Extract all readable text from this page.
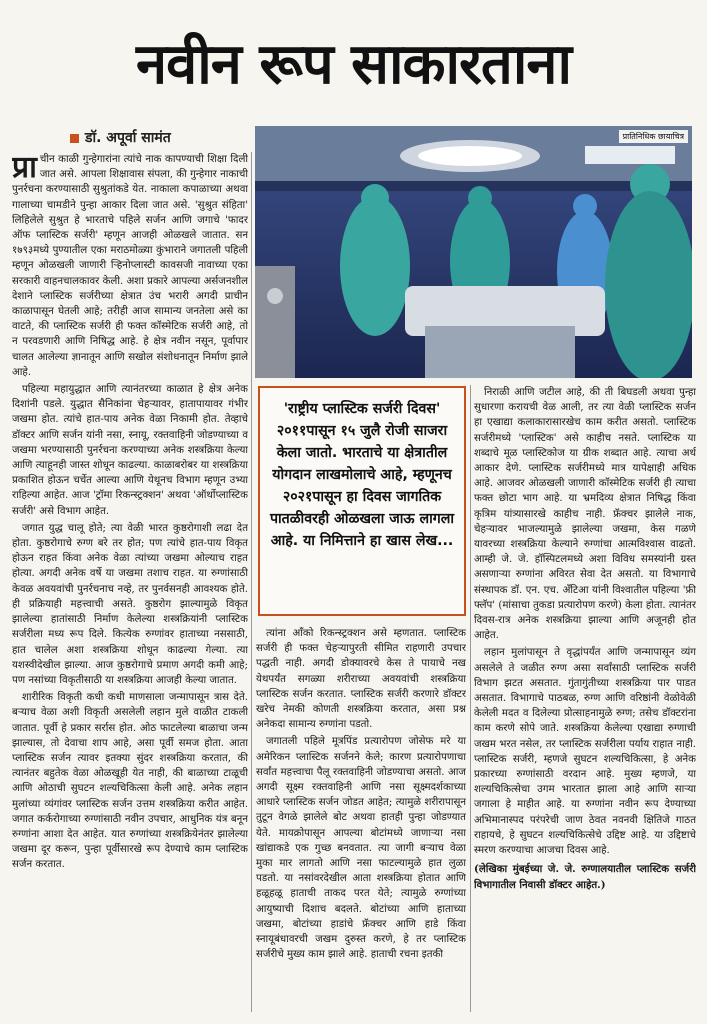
नवीन रूप साकारताना
डॉ. अपूर्वा सामंत	प्रातिनिधिक छायाचित्र

प्रा चीन काळी गुन्हेगारांना त्यांचे नाक कापण्याची शिक्षा दिली जात असे. आपला शिक्षावास संपला, की गुन्हेगार नाकाची पुनर्रचना करण्यासाठी सुश्रुतांकडे येत. नाकाला कपाळाच्या अथवा गालाच्या चामडीने पुन्हा आकार दिला जात असे. 'सुश्रुत संहिता' लिहिलेले सुश्रुत हे भारताचे पहिले सर्जन आणि जगाचे 'फादर ऑफ प्लास्टिक सर्जरी' म्हणून आजही ओळखले जातात. सन १७९३मध्ये पुण्यातील एका मराठमोळ्या कुंभाराने जगातली पहिली म्हणून ओळखली जाणारी ऱ्हिनोप्लास्टी कावसजी नावाच्या एका सरकारी वाहनचालकावर केली. अशा प्रकारे आपल्या अर्सजनशील देशाने प्लास्टिक सर्जरीच्या क्षेत्रात उंच भरारी अगदी प्राचीन काळापासून घेतली आहे; तरीही आज सामान्य जनतेला असे का वाटते, की प्लास्टिक सर्जरी ही फक्त कॉस्मेटिक सर्जरी आहे, तो न परवडणारी आणि निषिद्ध आहे. हे क्षेत्र नवीन नसून, पूर्वापार चालत आलेल्या ज्ञानातून आणि सखोल संशोधनातून निर्माण झाले आहे.

पहिल्या महायुद्धात आणि त्यानंतरच्या काळात हे क्षेत्र अनेक दिशांनी पडले. युद्धात सैनिकांना चेहऱ्यावर, हातापायावर गंभीर जखमा होत. त्यांचे हात-पाय अनेक वेळा निकामी होत. तेव्हाचे डॉक्टर आणि सर्जन यांनी नसा, स्नायू, रक्तवाहिनी जोडण्याच्या व जखमा भरण्यासाठी पुनर्रचना करण्याच्या अनेक शस्त्रक्रिया केल्या आणि त्याहूनही जास्त शोधून काढल्या. काळाबरोबर या शस्त्रक्रिया प्रकाशित होऊन चर्चेत आल्या आणि येथूनच विभाग म्हणून उभ्या राहिल्या आहेत. आज 'ट्रॉमा रिकन्स्ट्रक्शन' अथवा 'ऑर्थोप्लास्टिक सर्जरी' असे विभाग आहेत.

जगात युद्ध चालू होते; त्या वेळी भारत कुष्ठरोगाशी लढा देत होता. कुष्ठरोगाचे रुग्ण बरे तर होत; पण त्यांचे हात-पाय विकृत होऊन राहत किंवा अनेक वेळा त्यांच्या जखमा ओल्याच राहत होत्या. अगदी अनेक वर्षे या जखमा तशाच राहत. या रुग्णांसाठी केवळ अवयवांची पुनर्रचनाच नव्हे, तर पुनर्वसनही आवश्यक होते. ही प्रक्रियाही महत्त्वाची असते. कुष्ठरोग झाल्यामुळे विकृत झालेल्या हातांसाठी निर्माण केलेल्या शस्त्रक्रियांनी प्लास्टिक सर्जरीला मध्य रूप दिले. कित्येक रुग्णांवर हाताच्या नससाठी, हात चालेल अशा शस्त्रक्रिया शोधून काढल्या गेल्या. त्या यशस्वीदेखील झाल्या. आज कुष्ठरोगाचे प्रमाण अगदी कमी आहे; पण नसांच्या विकृतीसाठी या शस्त्रक्रिया आजही केल्या जातात.

शारीरिक विकृती कधी कधी माणसाला जन्मापासून त्रास देते. बऱ्याच वेळा अशी विकृती असलेली लहान मुले वाळीत टाकली जातात. पूर्वी हे प्रकार सर्रास होत. ओठ फाटलेल्या बाळाचा जन्म झाल्यास, तो देवाचा शाप आहे, असा पूर्वी समज होता. आता प्लास्टिक सर्जन त्यावर इतक्या सुंदर शस्त्रक्रिया करतात, की त्यानंतर बहुतेक वेळा ओळखूही येत नाही, की बाळाच्या टाळूची आणि ओठाची सुघटन शल्यचिकित्सा केली आहे. अनेक लहान मुलांच्या व्यंगांवर प्लास्टिक सर्जन उत्तम शस्त्रक्रिया करीत आहेत. जगात कर्करोगाच्या रुग्णांसाठी नवीन उपचार, आधुनिक यंत्र बनून रुग्णांना आशा देत आहेत. यात रुग्णांच्या शस्त्रक्रियेनंतर झालेल्या जखमा दूर करून, पुन्हा पूर्वीसारखे रूप देण्याचे काम प्लास्टिक सर्जन करतात.

'राष्ट्रीय प्लास्टिक सर्जरी दिवस' २०११पासून १५ जुलै रोजी साजरा केला जातो. भारताचे या क्षेत्रातील योगदान लाखमोलाचे आहे, म्हणूनच २०२१पासून हा दिवस जागतिक पातळीवरही ओळखला जाऊ लागला आहे. या निमित्ताने हा खास लेख...

त्यांना ऑंको रिकन्स्ट्रक्शन असे म्हणतात. प्लास्टिक सर्जरी ही फक्त चेहऱ्यापुरती सीमित राहणारी उपचार पद्धती नाही. अगदी डोक्यावरचे केस ते पायाचे नख येथपर्यंत सगळ्या शरीराच्या अवयवांची शस्त्रक्रिया प्लास्टिक सर्जन करतात. प्लास्टिक सर्जरी करणारे डॉक्टर खरेच नेमकी कोणती शस्त्रक्रिया करतात, असा प्रश्न अनेकदा सामान्य रुग्णांना पडतो.

जगातली पहिले मूत्रपिंड प्रत्यारोपण जोसेफ मरे या अमेरिकन प्लास्टिक सर्जनने केले; कारण प्रत्यारोपणाचा सर्वांत महत्त्वाचा पैलू रक्तवाहिनी जोडण्याचा असतो. आज अगदी सूक्ष्म रक्तवाहिनी आणि नसा सूक्ष्मदर्शकाच्या आधारे प्लास्टिक सर्जन जोडत आहेत; त्यामुळे शरीरापासून तुटून वेगळे झालेले बोट अथवा हातही पुन्हा जोडण्यात येते. मायक्रोपासून आपल्या बोटांमध्ये जाणाऱ्या नसा खांद्याकडे एक गुच्छ बनवतात. त्या जागी बऱ्याच वेळा मुका मार लागतो आणि नसा फाटल्यामुळे हात लुळा पडतो. या नसांवरदेखील आता शस्त्रक्रिया होतात आणि हळूहळू हाताची ताकद परत येते; त्यामुळे रुग्णांच्या आयुष्याची दिशाच बदलते. बोटांच्या आणि हाताच्या जखमा, बोटांच्या हाडांचे फ्रॅक्चर आणि हाडे किंवा स्नायूबंधावरची जखम दुरुस्त करणे, हे तर प्लास्टिक सर्जरीचे मुख्य काम झाले आहे. हाताची रचना इतकी

निराळी आणि जटील आहे, की ती बिघडली अथवा पुन्हा सुधारणा करायची वेळ आली, तर त्या वेळी प्लास्टिक सर्जन हा एखाद्या कलाकारासारखेच काम करीत असतो. प्लास्टिक सर्जरीमध्ये 'प्लास्टिक' असे काहीच नसते. प्लास्टिक या शब्दाचे मूळ प्लास्टिकोज या ग्रीक शब्दात आहे. त्याचा अर्थ आकार देणे. प्लास्टिक सर्जरीमध्ये मात्र यापेक्षाही अधिक आहे. आजवर ओळखली जाणारी कॉस्मेटिक सर्जरी ही त्याचा फक्त छोटा भाग आहे. या भ्रमदिव्य क्षेत्रात निषिद्ध किंवा कृत्रिम यांत्र्यासारखे काहीच नाही. फ्रॅक्चर झालेले नाक, चेहऱ्यावर भाजल्यामुळे झालेल्या जखमा, केस गळणे यावरच्या शस्त्रक्रिया केल्याने रुग्णांचा आत्मविश्वास वाढतो. आम्ही जे. जे. हॉस्पिटलमध्ये अशा विविध समस्यांनी ग्रस्त असणाऱ्या रुग्णांना अविरत सेवा देत असतो. या विभागाचे संस्थापक डॉ. एन. एच. अँटिआ यांनी विश्वातील पहिल्या 'फ्री फ्लॅप' (मांसाचा तुकडा प्रत्यारोपण करणे) केला होता. त्यानंतर दिवस-रात्र अनेक शस्त्रक्रिया झाल्या आणि अजूनही होत आहेत.

लहान मुलांपासून ते वृद्धांपर्यंत आणि जन्मापासून व्यंग असलेले ते जळीत रुग्ण असा सर्वांसाठी प्लास्टिक सर्जरी विभाग झटत असतात. गुंतागुंतीच्या शस्त्रक्रिया पार पाडत असतात. विभागाचे पाठबळ, रुग्ण आणि वरिष्ठांनी वेळोवेळी केलेली मदत व दिलेल्या प्रोत्साहनामुळे रुग्ण; तसेच डॉक्टरांना काम करणे सोपे जाते. शस्त्रक्रिया केलेल्या एखाद्या रुग्णाची जखम भरत नसेल, तर प्लास्टिक सर्जरीला पर्याय राहात नाही. प्लास्टिक सर्जरी, म्हणजे सुघटन शल्यचिकित्सा, हे अनेक प्रकारच्या रुग्णांसाठी वरदान आहे. मुख्य म्हणजे, या शल्यचिकित्सेचा उगम भारतात झाला आहे आणि साऱ्या जगाला हे माहीत आहे. या रुग्णांना नवीन रूप देण्याच्या अभिमानास्पद परंपरेची जाण ठेवत नवनवी क्षितिजे गाठत राहायचे, हे सुघटन शल्यचिकित्सेचे उद्दिष्ट आहे. या उद्दिष्टाचे स्मरण करण्याचा आजचा दिवस आहे.

(लेखिका मुंबईच्या जे. जे. रुग्णालयातील प्लास्टिक सर्जरी विभागातील निवासी डॉक्टर आहेत.)
